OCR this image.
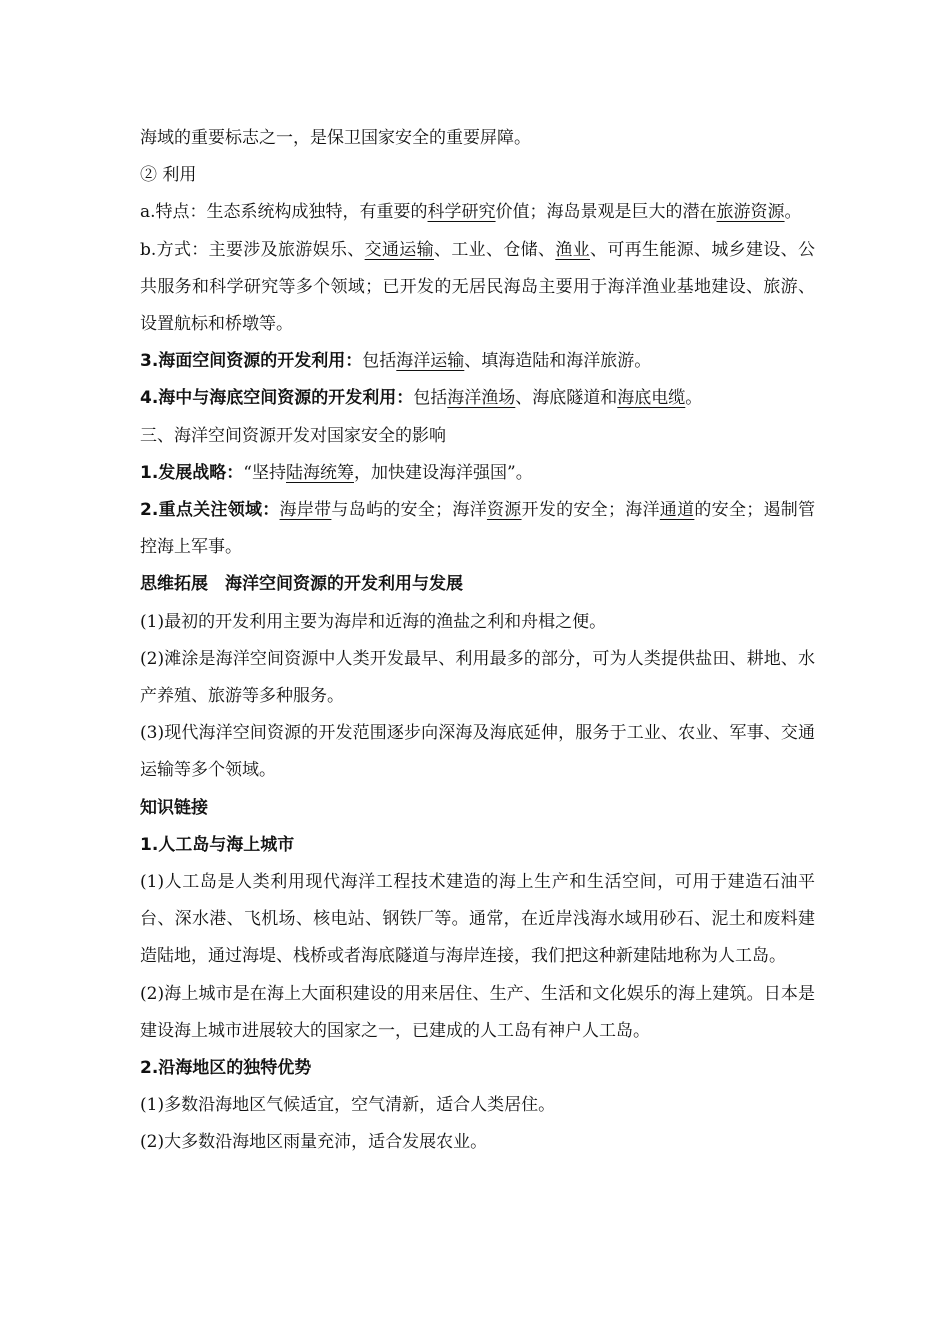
海域的重要标志之一，是保卫国家安全的重要屏障。

② 利用

a.特点：生态系统构成独特，有重要的科学研究价值；海岛景观是巨大的潜在旅游资源。

b.方式：主要涉及旅游娱乐、交通运输、工业、仓储、渔业、可再生能源、城乡建设、公共服务和科学研究等多个领域；已开发的无居民海岛主要用于海洋渔业基地建设、旅游、设置航标和桥墩等。

3.海面空间资源的开发利用：包括海洋运输、填海造陆和海洋旅游。

4.海中与海底空间资源的开发利用：包括海洋渔场、海底隧道和海底电缆。

三、海洋空间资源开发对国家安全的影响

1.发展战略：“坚持陆海统筹，加快建设海洋强国”。

2.重点关注领域：海岸带与岛屿的安全；海洋资源开发的安全；海洋通道的安全；遏制管控海上军事。

思维拓展　海洋空间资源的开发利用与发展

(1)最初的开发利用主要为海岸和近海的渔盐之利和舟楫之便。

(2)滩涂是海洋空间资源中人类开发最早、利用最多的部分，可为人类提供盐田、耕地、水产养殖、旅游等多种服务。

(3)现代海洋空间资源的开发范围逐步向深海及海底延伸，服务于工业、农业、军事、交通运输等多个领域。

知识链接

1.人工岛与海上城市

(1)人工岛是人类利用现代海洋工程技术建造的海上生产和生活空间，可用于建造石油平台、深水港、飞机场、核电站、钢铁厂等。通常，在近岸浅海水域用砂石、泥土和废料建造陆地，通过海堤、栈桥或者海底隧道与海岸连接，我们把这种新建陆地称为人工岛。

(2)海上城市是在海上大面积建设的用来居住、生产、生活和文化娱乐的海上建筑。日本是建设海上城市进展较大的国家之一，已建成的人工岛有神户人工岛。

2.沿海地区的独特优势

(1)多数沿海地区气候适宜，空气清新，适合人类居住。

(2)大多数沿海地区雨量充沛，适合发展农业。
